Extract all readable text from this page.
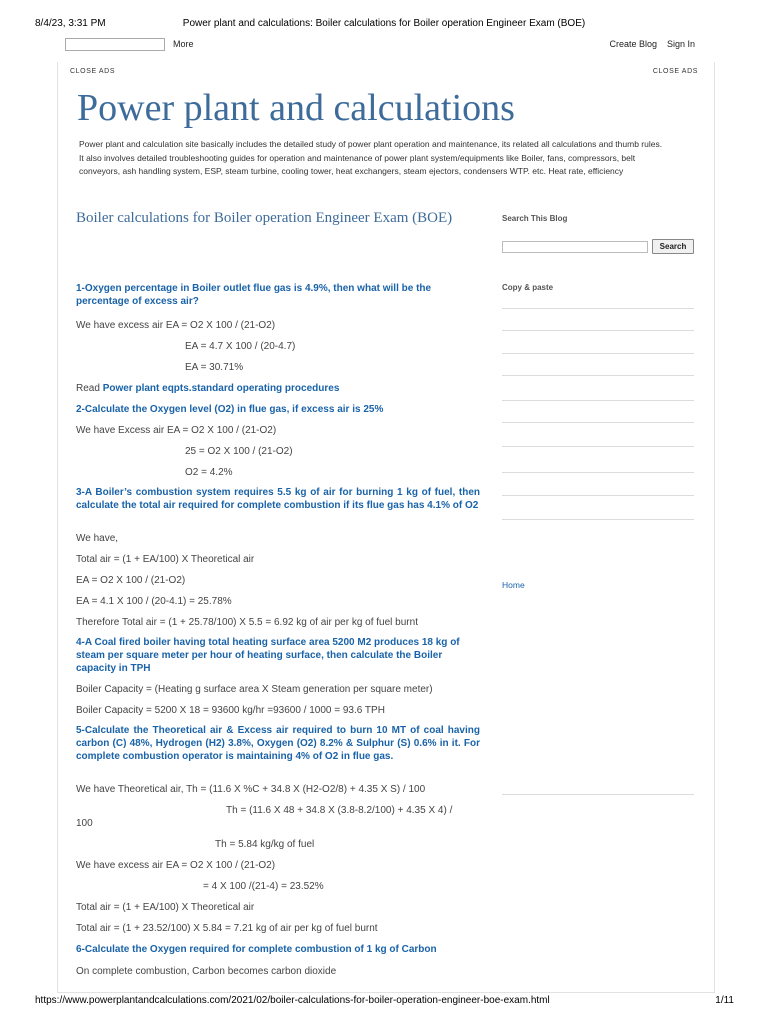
8/4/23, 3:31 PM	Power plant and calculations: Boiler calculations for Boiler operation Engineer Exam (BOE)
More	Create Blog Sign In
CLOSE ADS	CLOSE ADS
Power plant and calculations

Power plant and calculation site basically includes the detailed study of power plant operation and maintenance, its related all calculations and thumb rules. It also involves detailed troubleshooting guides for operation and maintenance of power plant system/equipments like Boiler, fans, compressors, belt conveyors, ash handling system, ESP, steam turbine, cooling tower, heat exchangers, steam ejectors, condensers WTP. etc. Heat rate, efficiency

Boiler calculations for Boiler operation Engineer Exam (BOE)

1-Oxygen percentage in Boiler outlet flue gas is 4.9%, then what will be the percentage of excess air?

We have excess air EA = O2 X 100 / (21-O2)

EA = 4.7 X 100 / (20-4.7)

EA = 30.71%

Read Power plant eqpts.standard operating procedures

2-Calculate the Oxygen level (O2) in flue gas, if excess air is 25%

We have Excess air EA = O2 X 100 / (21-O2)

25 = O2 X 100 / (21-O2)

O2 = 4.2%

3-A Boiler’s combustion system requires 5.5 kg of air for burning 1 kg of fuel, then calculate the total air required for complete combustion if its flue gas has 4.1% of O2

We have,

Total air = (1 + EA/100) X Theoretical air

EA = O2 X 100 / (21-O2)

EA = 4.1 X 100 / (20-4.1) = 25.78%

Therefore Total air = (1 + 25.78/100) X 5.5 = 6.92 kg of air per kg of fuel burnt

4-A Coal fired boiler having total heating surface area 5200 M2 produces 18 kg of steam per square meter per hour of heating surface, then calculate the Boiler capacity in TPH

Boiler Capacity = (Heating g surface area X Steam generation per square meter)

Boiler Capacity = 5200 X 18 = 93600 kg/hr =93600 / 1000 = 93.6 TPH

5-Calculate the Theoretical air & Excess air required to burn 10 MT of coal having carbon (C) 48%, Hydrogen (H2) 3.8%, Oxygen (O2) 8.2% & Sulphur (S) 0.6% in it. For complete combustion operator is maintaining 4% of O2 in flue gas.

We have Theoretical air, Th = (11.6 X %C + 34.8 X (H2-O2/8) + 4.35 X S) / 100

Th = (11.6 X 48 + 34.8 X (3.8-8.2/100) + 4.35 X 4) /

100

Th = 5.84 kg/kg of fuel

We have excess air EA = O2 X 100 / (21-O2)

= 4 X 100 /(21-4) = 23.52%

Total air = (1 + EA/100) X Theoretical air

Total air = (1 + 23.52/100) X 5.84 = 7.21 kg of air per kg of fuel burnt

6-Calculate the Oxygen required for complete combustion of 1 kg of Carbon

On complete combustion, Carbon becomes carbon dioxide

Search This Blog

Search

Copy & paste

Home
https://www.powerplantandcalculations.com/2021/02/boiler-calculations-for-boiler-operation-engineer-boe-exam.html	1/11
